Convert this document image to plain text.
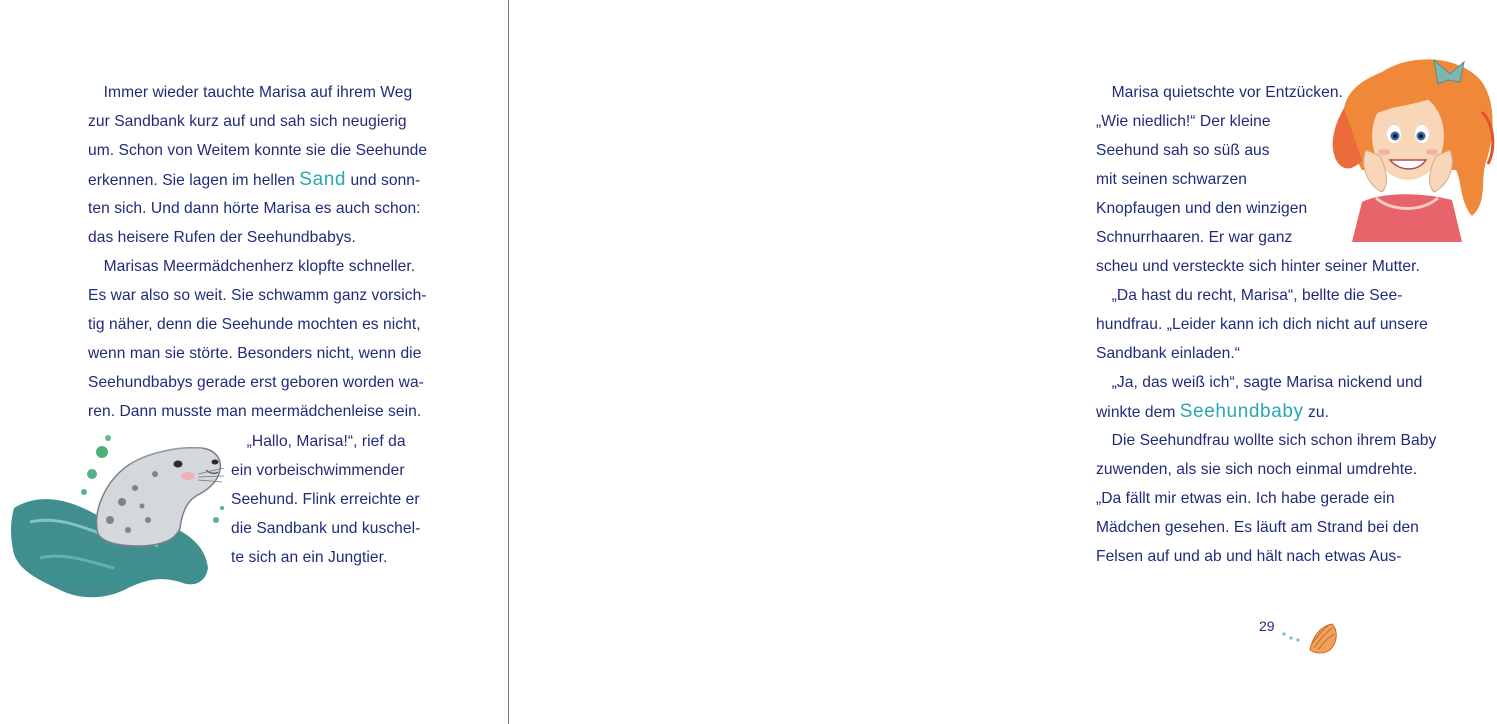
 Immer wieder tauchte Marisa auf ihrem Weg
zur Sandbank kurz auf und sah sich neugierig
um. Schon von Weitem konnte sie die Seehunde
erkennen. Sie lagen im hellen Sand und sonn-
ten sich. Und dann hörte Marisa es auch schon:
das heisere Rufen der Seehundbabys.
 Marisas Meermädchenherz klopfte schneller.
Es war also so weit. Sie schwamm ganz vorsich-
tig näher, denn die Seehunde mochten es nicht,
wenn man sie störte. Besonders nicht, wenn die
Seehundbabys gerade erst geboren worden wa-
ren. Dann musste man meermädchenleise sein.
 „Hallo, Marisa!“, rief da
ein vorbeischwimmender
Seehund. Flink erreichte er
die Sandbank und kuschel-
te sich an ein Jungtier.
 Marisa quietschte vor Entzücken.
„Wie niedlich!“ Der kleine
Seehund sah so süß aus
mit seinen schwarzen
Knopfaugen und den winzigen
Schnurrhaaren. Er war ganz
scheu und versteckte sich hinter seiner Mutter.
 „Da hast du recht, Marisa“, bellte die See-
hundfrau. „Leider kann ich dich nicht auf unsere
Sandbank einladen.“
 „Ja, das weiß ich“, sagte Marisa nickend und
winkte dem Seehundbaby zu.
 Die Seehundfrau wollte sich schon ihrem Baby
zuwenden, als sie sich noch einmal umdrehte.
„Da fällt mir etwas ein. Ich habe gerade ein
Mädchen gesehen. Es läuft am Strand bei den
Felsen auf und ab und hält nach etwas Aus-
29
